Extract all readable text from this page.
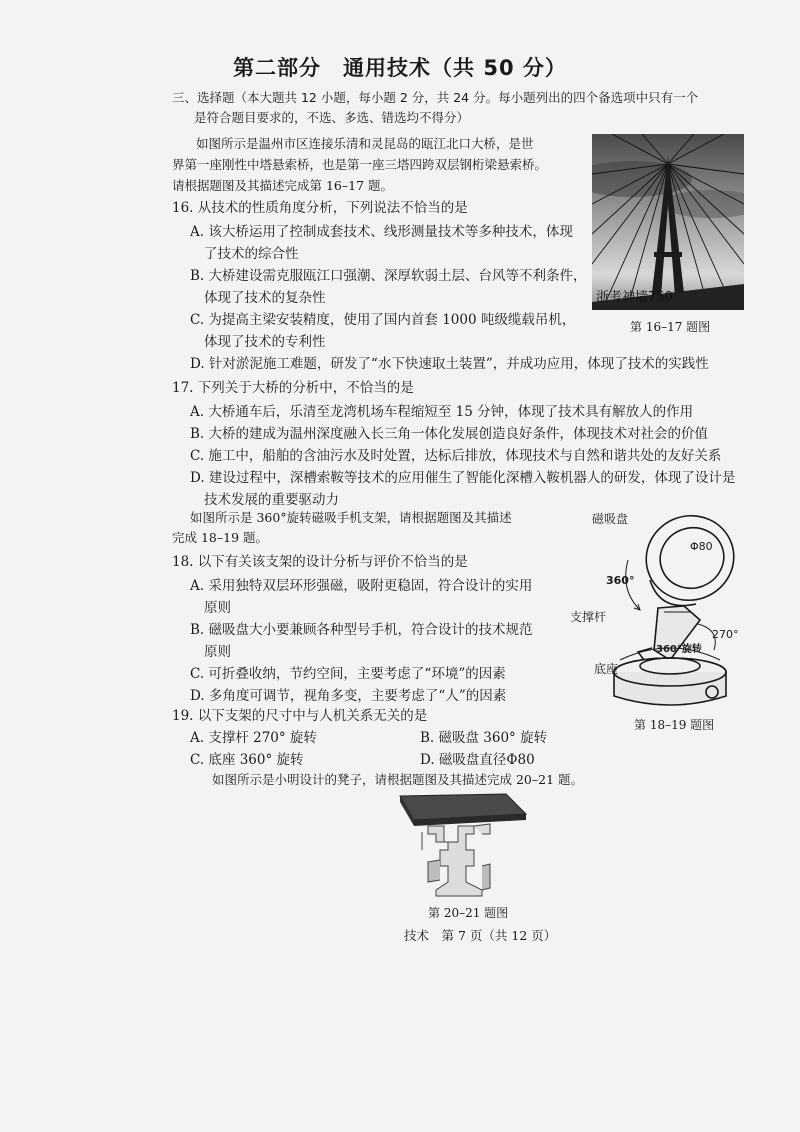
第二部分　通用技术（共 50 分）
三、选择题（本大题共 12 小题，每小题 2 分，共 24 分。每小题列出的四个备选项中只有一个
是符合题目要求的，不选、多选、错选均不得分）
如图所示是温州市区连接乐清和灵昆岛的瓯江北口大桥，是世
界第一座刚性中塔悬索桥，也是第一座三塔四跨双层钢桁梁悬索桥。
请根据题图及其描述完成第 16–17 题。
浙考神墙750
第 16–17 题图
16. 从技术的性质角度分析，下列说法不恰当的是
A. 该大桥运用了控制成套技术、线形测量技术等多种技术，体现
了技术的综合性
B. 大桥建设需克服瓯江口强潮、深厚软弱土层、台风等不利条件，
体现了技术的复杂性
C. 为提高主梁安装精度，使用了国内首套 1000 吨级缆载吊机，
体现了技术的专利性
D. 针对淤泥施工难题，研发了“水下快速取土装置”，并成功应用，体现了技术的实践性
17. 下列关于大桥的分析中，不恰当的是
A. 大桥通车后，乐清至龙湾机场车程缩短至 15 分钟，体现了技术具有解放人的作用
B. 大桥的建成为温州深度融入长三角一体化发展创造良好条件，体现技术对社会的价值
C. 施工中，船舶的含油污水及时处置，达标后排放，体现技术与自然和谐共处的友好关系
D. 建设过程中，深槽索鞍等技术的应用催生了智能化深槽入鞍机器人的研发，体现了设计是
技术发展的重要驱动力
如图所示是 360°旋转磁吸手机支架，请根据题图及其描述
完成 18–19 题。
18. 以下有关该支架的设计分析与评价不恰当的是
A. 采用独特双层环形强磁，吸附更稳固，符合设计的实用
原则
B. 磁吸盘大小要兼顾各种型号手机，符合设计的技术规范
原则
C. 可折叠收纳，节约空间，主要考虑了“环境”的因素
D. 多角度可调节，视角多变，主要考虑了“人”的因素
磁吸盘
Φ80
360°
支撑杆
270°
360°旋转
底座
第 18–19 题图
19. 以下支架的尺寸中与人机关系无关的是
A. 支撑杆 270° 旋转	B. 磁吸盘 360° 旋转
C. 底座 360° 旋转	D. 磁吸盘直径Φ80
如图所示是小明设计的凳子，请根据题图及其描述完成 20–21 题。
第 20–21 题图
技术　第 7 页（共 12 页）
